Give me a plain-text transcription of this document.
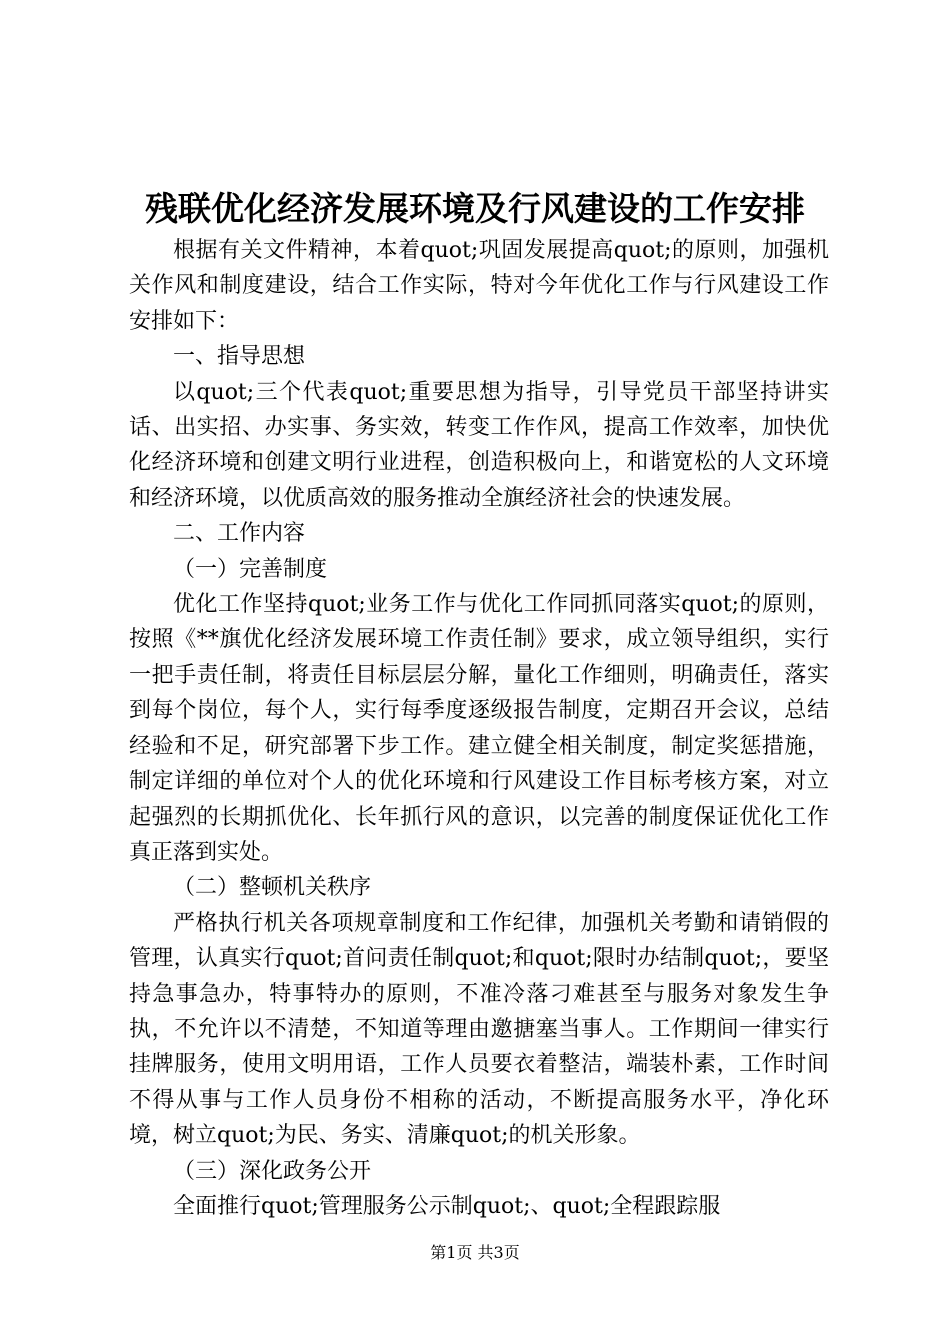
残联优化经济发展环境及行风建设的工作安排

根据有关文件精神，本着quot;巩固发展提高quot;的原则，加强机关作风和制度建设，结合工作实际，特对今年优化工作与行风建设工作安排如下：

一、指导思想

以quot;三个代表quot;重要思想为指导，引导党员干部坚持讲实话、出实招、办实事、务实效，转变工作作风，提高工作效率，加快优化经济环境和创建文明行业进程，创造积极向上，和谐宽松的人文环境和经济环境，以优质高效的服务推动全旗经济社会的快速发展。

二、工作内容

（一）完善制度

优化工作坚持quot;业务工作与优化工作同抓同落实quot;的原则，按照《**旗优化经济发展环境工作责任制》要求，成立领导组织，实行一把手责任制，将责任目标层层分解，量化工作细则，明确责任，落实到每个岗位，每个人，实行每季度逐级报告制度，定期召开会议，总结经验和不足，研究部署下步工作。建立健全相关制度，制定奖惩措施，制定详细的单位对个人的优化环境和行风建设工作目标考核方案，对立起强烈的长期抓优化、长年抓行风的意识，以完善的制度保证优化工作真正落到实处。

（二）整顿机关秩序

严格执行机关各项规章制度和工作纪律，加强机关考勤和请销假的管理，认真实行quot;首问责任制quot;和quot;限时办结制quot;，要坚持急事急办，特事特办的原则，不准冷落刁难甚至与服务对象发生争执，不允许以不清楚，不知道等理由邀搪塞当事人。工作期间一律实行挂牌服务，使用文明用语，工作人员要衣着整洁，端装朴素，工作时间不得从事与工作人员身份不相称的活动，不断提高服务水平，净化环境，树立quot;为民、务实、清廉quot;的机关形象。

（三）深化政务公开

全面推行quot;管理服务公示制quot;、quot;全程跟踪服

第1页 共3页
